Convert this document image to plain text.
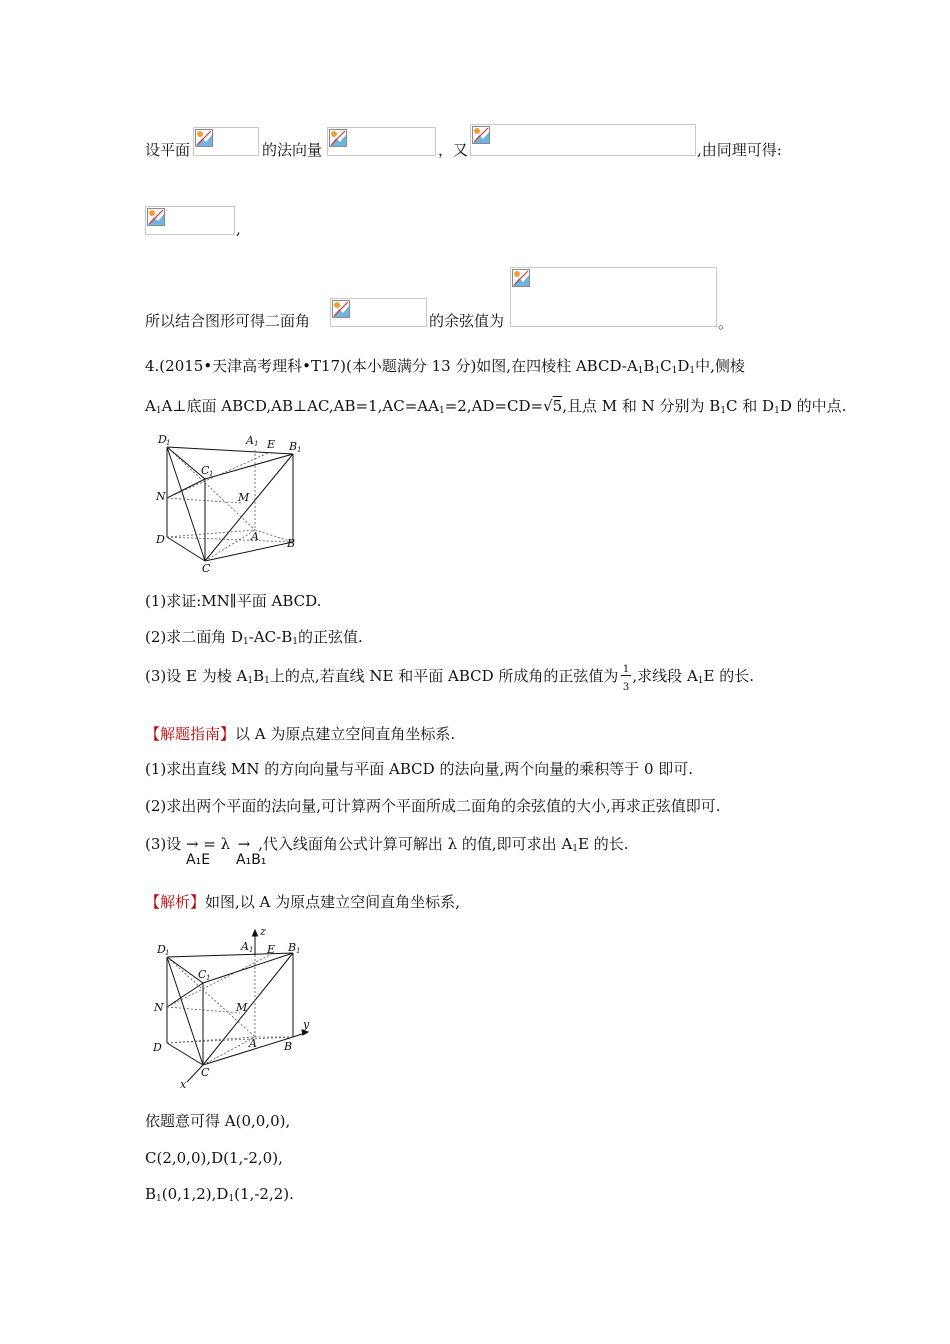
设平面	的法向量	，又	,由同理可得:
,
所以结合图形可得二面角	的余弦值为	。
4.(2015•天津高考理科•T17)(本小题满分 13 分)如图,在四棱柱 ABCD-$A_1B_1C_1D_1$中,侧棱
$A_1A\perp$底面 $ABCD,AB\perp AC,AB=1,AC=AA_1=2,AD=CD=√5$,且点 M 和 N 分别为 $B_1C$ 和 $D_1D$ 的中点.
D 1	A 1 E B 1
C 1
N	M
D	A
B
C
(1)求证:MN∥平面 ABCD.
(2)求二面角 $D_1-AC-B_1$的正弦值.
(3)设 E 为棱 $A_1B_1$上的点,若直线 NE 和平面 ABCD 所成角的正弦值为 ,求线段 $A_1E$ 的长.
1
3
【解题指南】以 A 为原点建立空间直角坐标系.
(1)求出直线 MN 的方向向量与平面 ABCD 的法向量,两个向量的乘积等于 0 即可.
(2)求出两个平面的法向量,可计算两个平面所成二面角的余弦值的大小,再求正弦值即可.
(3)设 → = λ → ,代入线面角公式计算可解出 λ 的值,即可求出 $A_1E$ 的长.
A₁E A₁B₁
【解析】如图,以 A 为原点建立空间直角坐标系,
D 1	A 1
z
E B 1
C 1
N	M
D	A B
y
C
x
依题意可得 A(0,0,0),
C(2,0,0),D(1,-2,0),
$B_1(0,1,2),D_1(1,-2,2)$.
